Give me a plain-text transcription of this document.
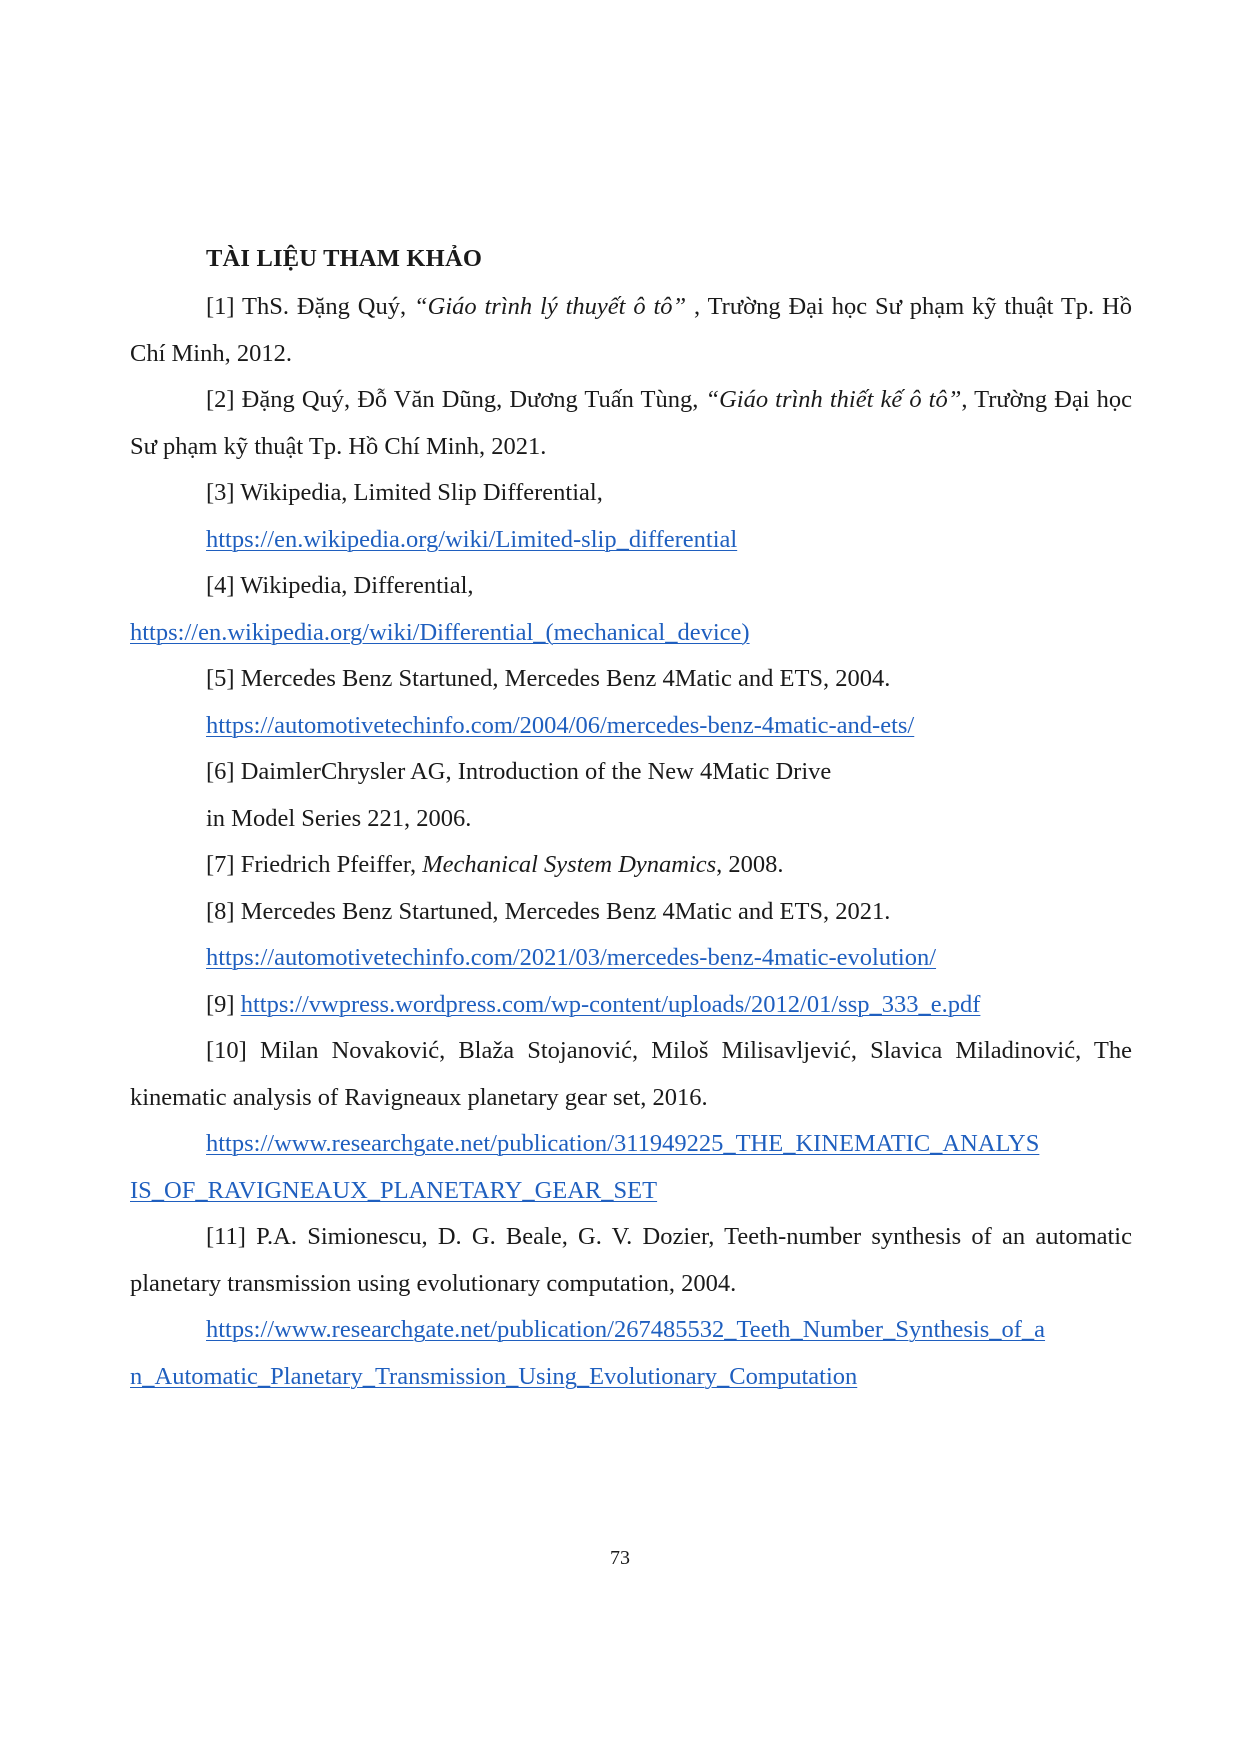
TÀI LIỆU THAM KHẢO

[1] ThS. Đặng Quý, “Giáo trình lý thuyết ô tô” , Trường Đại học Sư phạm kỹ thuật Tp. Hồ Chí Minh, 2012.

[2] Đặng Quý, Đỗ Văn Dũng, Dương Tuấn Tùng, “Giáo trình thiết kế ô tô”, Trường Đại học Sư phạm kỹ thuật Tp. Hồ Chí Minh, 2021.

[3] Wikipedia, Limited Slip Differential,

https://en.wikipedia.org/wiki/Limited-slip_differential

[4] Wikipedia, Differential,

https://en.wikipedia.org/wiki/Differential_(mechanical_device)

[5] Mercedes Benz Startuned, Mercedes Benz 4Matic and ETS, 2004.

https://automotivetechinfo.com/2004/06/mercedes-benz-4matic-and-ets/

[6] DaimlerChrysler AG, Introduction of the New 4Matic Drive

in Model Series 221, 2006.

[7] Friedrich Pfeiffer, Mechanical System Dynamics, 2008.

[8] Mercedes Benz Startuned, Mercedes Benz 4Matic and ETS, 2021.

https://automotivetechinfo.com/2021/03/mercedes-benz-4matic-evolution/

[9] https://vwpress.wordpress.com/wp-content/uploads/2012/01/ssp_333_e.pdf

[10] Milan Novaković, Blaža Stojanović, Miloš Milisavljević, Slavica Miladinović, The kinematic analysis of Ravigneaux planetary gear set, 2016.

https://www.researchgate.net/publication/311949225_THE_KINEMATIC_ANALYS

IS_OF_RAVIGNEAUX_PLANETARY_GEAR_SET

[11] P.A. Simionescu, D. G. Beale, G. V. Dozier, Teeth-number synthesis of an automatic planetary transmission using evolutionary computation, 2004.

https://www.researchgate.net/publication/267485532_Teeth_Number_Synthesis_of_a

n_Automatic_Planetary_Transmission_Using_Evolutionary_Computation

73
